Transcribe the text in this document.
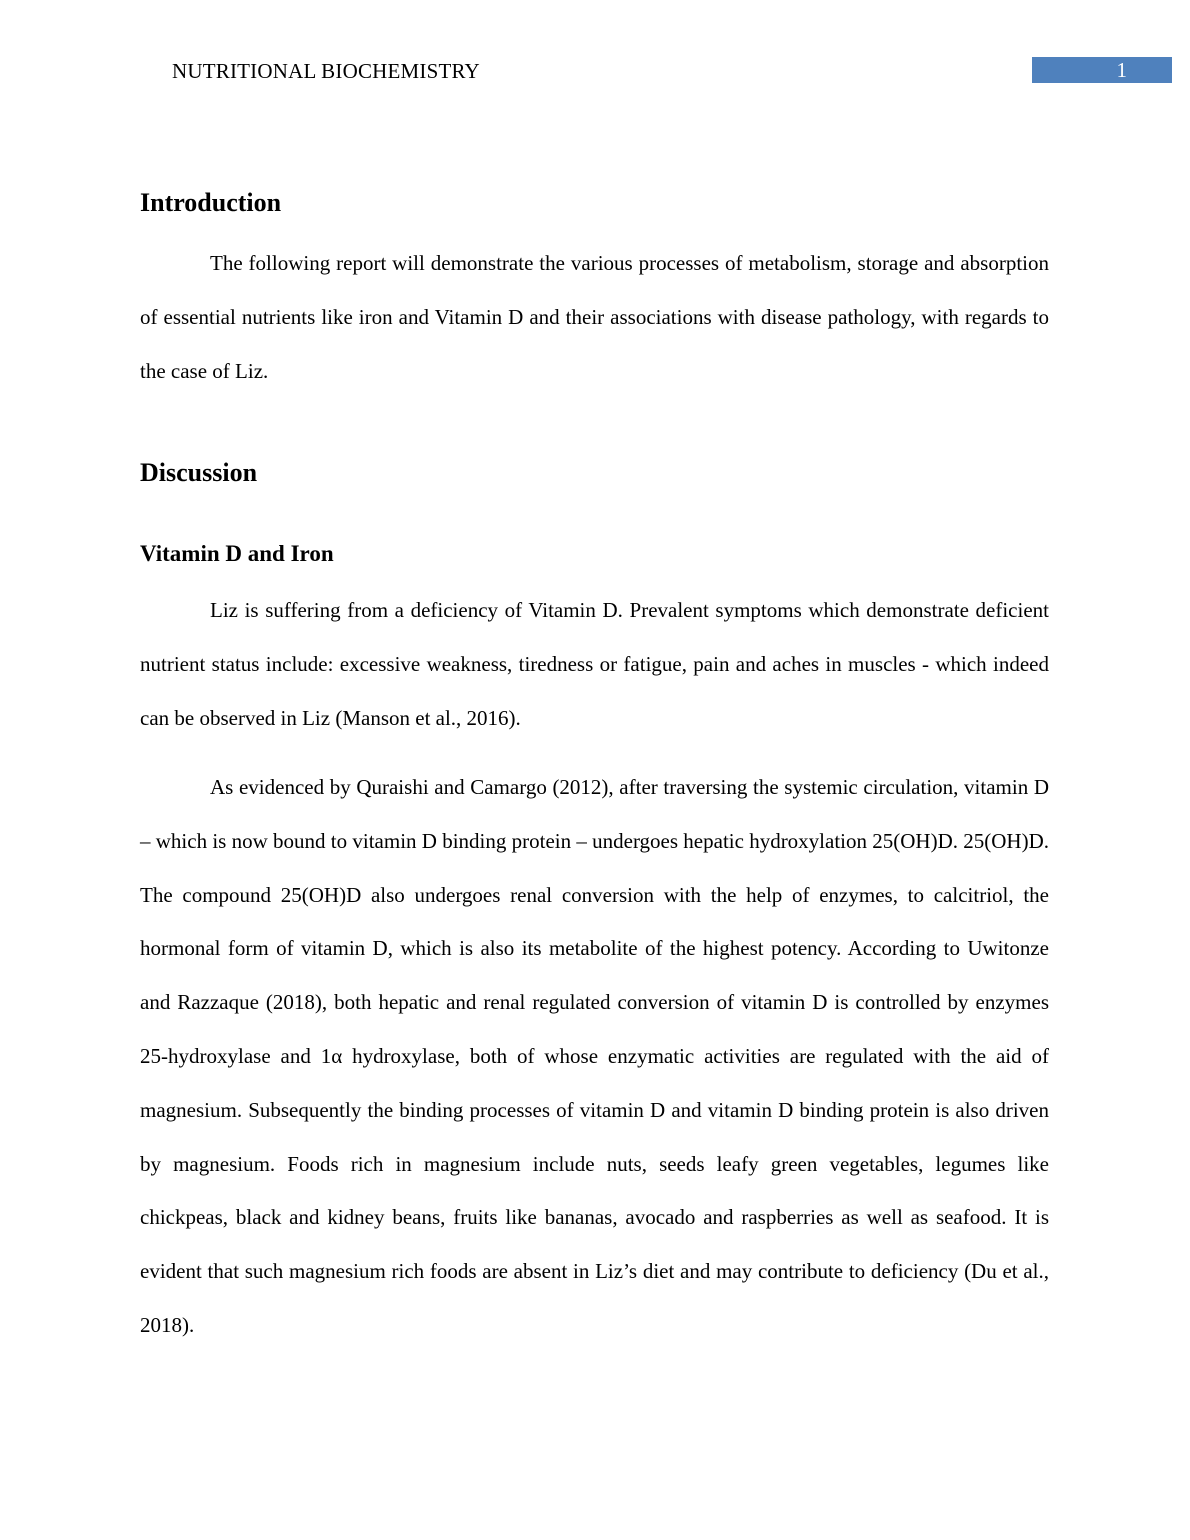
NUTRITIONAL BIOCHEMISTRY	1
Introduction

The following report will demonstrate the various processes of metabolism, storage and absorption of essential nutrients like iron and Vitamin D and their associations with disease pathology, with regards to the case of Liz.

Discussion
Vitamin D and Iron

Liz is suffering from a deficiency of Vitamin D. Prevalent symptoms which demonstrate deficient nutrient status include: excessive weakness, tiredness or fatigue, pain and aches in muscles - which indeed can be observed in Liz (Manson et al., 2016).

As evidenced by Quraishi and Camargo (2012), after traversing the systemic circulation, vitamin D – which is now bound to vitamin D binding protein – undergoes hepatic hydroxylation 25(OH)D. 25(OH)D. The compound 25(OH)D also undergoes renal conversion with the help of enzymes, to calcitriol, the hormonal form of vitamin D, which is also its metabolite of the highest potency. According to Uwitonze and Razzaque (2018), both hepatic and renal regulated conversion of vitamin D is controlled by enzymes 25-hydroxylase and 1α hydroxylase, both of whose enzymatic activities are regulated with the aid of magnesium. Subsequently the binding processes of vitamin D and vitamin D binding protein is also driven by magnesium. Foods rich in magnesium include nuts, seeds leafy green vegetables, legumes like chickpeas, black and kidney beans, fruits like bananas, avocado and raspberries as well as seafood. It is evident that such magnesium rich foods are absent in Liz’s diet and may contribute to deficiency (Du et al., 2018).
